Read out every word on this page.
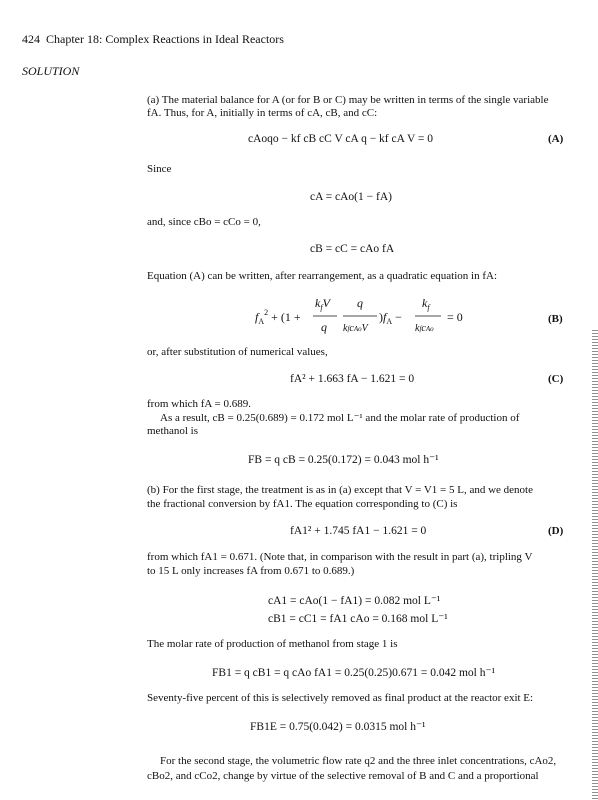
424 Chapter 18: Complex Reactions in Ideal Reactors
SOLUTION
(a) The material balance for A (or for B or C) may be written in terms of the single variable
fA. Thus, for A, initially in terms of cA, cB, and cC:
cAoqo − kf cB cC V cA q − kf cA V = 0	(A)
Since
cA = cAo(1 − fA)
and, since cBo = cCo = 0,
cB = cC = cAo fA
Equation (A) can be written, after rearrangement, as a quadratic equation in fA:
$f_A^2 + (1$ +
$k_fV$
q
q
kfcAoV
)$f_A$ −
$k_f$
kfcAo
= 0	(B)
or, after substitution of numerical values,
fA² + 1.663 fA − 1.621 = 0	(C)
from which fA = 0.689.
As a result, cB = 0.25(0.689) = 0.172 mol L⁻¹ and the molar rate of production of
methanol is
FB = q cB = 0.25(0.172) = 0.043 mol h⁻¹
(b) For the first stage, the treatment is as in (a) except that V = V1 = 5 L, and we denote
the fractional conversion by fA1. The equation corresponding to (C) is
fA1² + 1.745 fA1 − 1.621 = 0	(D)
from which fA1 = 0.671. (Note that, in comparison with the result in part (a), tripling V
to 15 L only increases fA from 0.671 to 0.689.)
cA1 = cAo(1 − fA1) = 0.082 mol L⁻¹
cB1 = cC1 = fA1 cAo = 0.168 mol L⁻¹
The molar rate of production of methanol from stage 1 is
FB1 = q cB1 = q cAo fA1 = 0.25(0.25)0.671 = 0.042 mol h⁻¹
Seventy-five percent of this is selectively removed as final product at the reactor exit E:
FB1E = 0.75(0.042) = 0.0315 mol h⁻¹
For the second stage, the volumetric flow rate q2 and the three inlet concentrations, cAo2,
cBo2, and cCo2, change by virtue of the selective removal of B and C and a proportional
